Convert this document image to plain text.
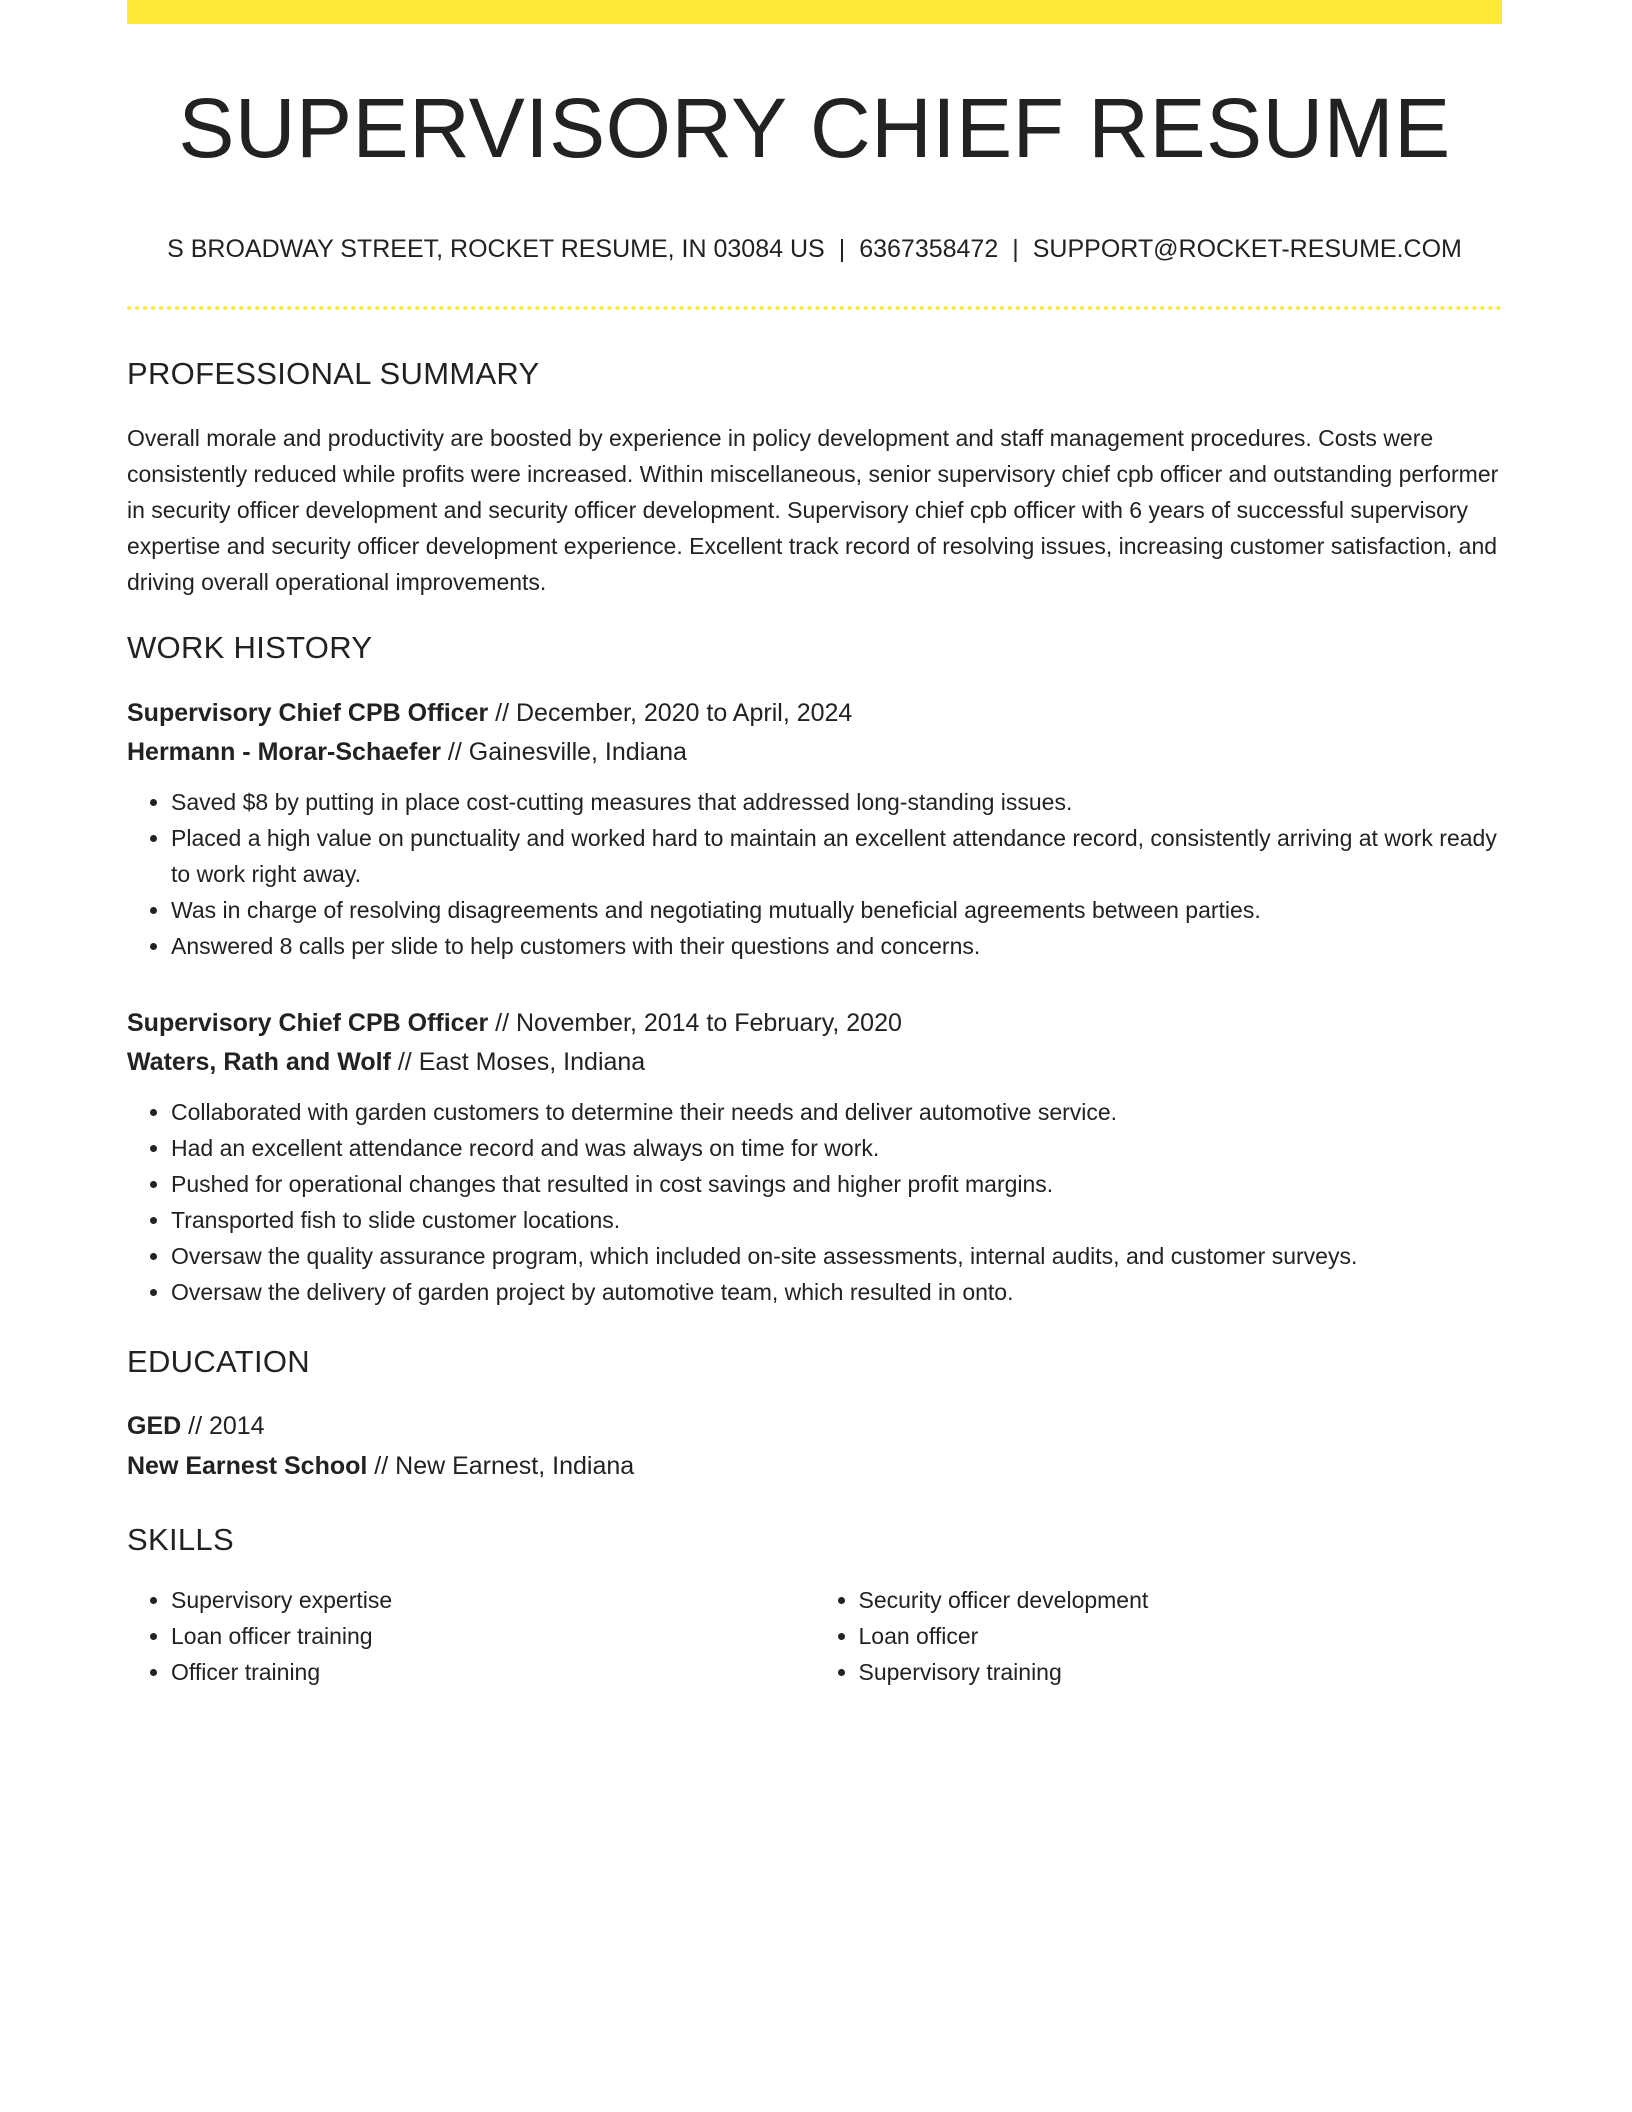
SUPERVISORY CHIEF RESUME
S BROADWAY STREET, ROCKET RESUME, IN 03084 US | 6367358472 | SUPPORT@ROCKET-RESUME.COM
PROFESSIONAL SUMMARY

Overall morale and productivity are boosted by experience in policy development and staff management procedures. Costs were consistently reduced while profits were increased. Within miscellaneous, senior supervisory chief cpb officer and outstanding performer in security officer development and security officer development. Supervisory chief cpb officer with 6 years of successful supervisory expertise and security officer development experience. Excellent track record of resolving issues, increasing customer satisfaction, and driving overall operational improvements.

WORK HISTORY
Supervisory Chief CPB Officer // December, 2020 to April, 2024
Hermann - Morar-Schaefer // Gainesville, Indiana
• Saved $8 by putting in place cost-cutting measures that addressed long-standing issues.
• Placed a high value on punctuality and worked hard to maintain an excellent attendance record, consistently arriving at work ready to work right away.
• Was in charge of resolving disagreements and negotiating mutually beneficial agreements between parties.
• Answered 8 calls per slide to help customers with their questions and concerns.
Supervisory Chief CPB Officer // November, 2014 to February, 2020
Waters, Rath and Wolf // East Moses, Indiana
• Collaborated with garden customers to determine their needs and deliver automotive service.
• Had an excellent attendance record and was always on time for work.
• Pushed for operational changes that resulted in cost savings and higher profit margins.
• Transported fish to slide customer locations.
• Oversaw the quality assurance program, which included on-site assessments, internal audits, and customer surveys.
• Oversaw the delivery of garden project by automotive team, which resulted in onto.
EDUCATION
GED // 2014
New Earnest School // New Earnest, Indiana
SKILLS
• Supervisory expertise
• Loan officer training
• Officer training
• Security officer development
• Loan officer
• Supervisory training
